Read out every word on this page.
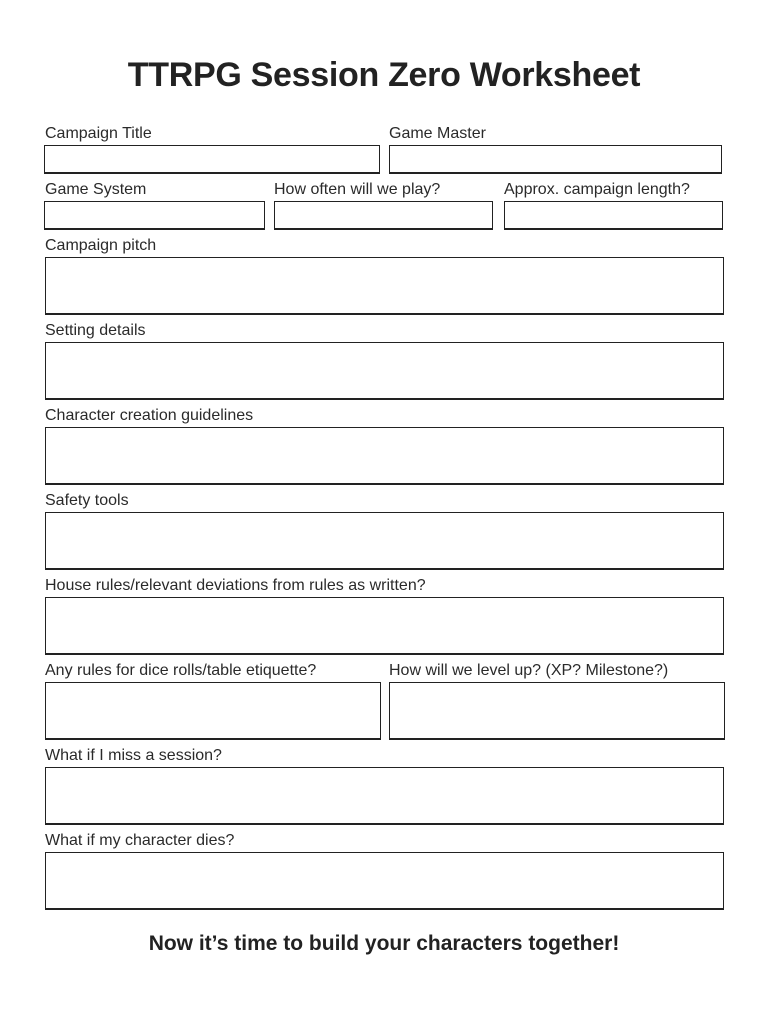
TTRPG Session Zero Worksheet
Campaign Title	Game Master
Game System	How often will we play?	Approx. campaign length?
Campaign pitch
Setting details
Character creation guidelines
Safety tools
House rules/relevant deviations from rules as written?
Any rules for dice rolls/table etiquette?	How will we level up? (XP? Milestone?)
What if I miss a session?
What if my character dies?
Now it’s time to build your characters together!
